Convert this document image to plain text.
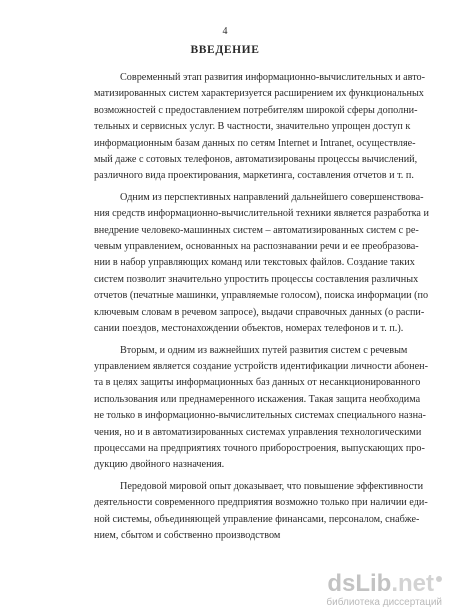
4
ВВЕДЕНИЕ

Современный этап развития информационно-вычислительных и авто-
матизированных систем характеризуется расширением их функциональных
возможностей с предоставлением потребителям широкой сферы дополни-
тельных и сервисных услуг. В частности, значительно упрощен доступ к
информационным базам данных по сетям Internet и Intranet, осуществляе-
мый даже с сотовых телефонов, автоматизированы процессы вычислений,
различного вида проектирования, маркетинга, составления отчетов и т. п.

Одним из перспективных направлений дальнейшего совершенствова-
ния средств информационно-вычислительной техники является разработка и
внедрение человеко-машинных систем – автоматизированных систем с ре-
чевым управлением, основанных на распознавании речи и ее преобразова-
нии в набор управляющих команд или текстовых файлов. Создание таких
систем позволит значительно упростить процессы составления различных
отчетов (печатные машинки, управляемые голосом), поиска информации (по
ключевым словам в речевом запросе), выдачи справочных данных (о распи-
сании поездов, местонахождении объектов, номерах телефонов и т. п.).

Вторым, и одним из важнейших путей развития систем с речевым
управлением является создание устройств идентификации личности абонен-
та в целях защиты информационных баз данных от несанкционированного
использования или преднамеренного искажения. Такая защита необходима
не только в информационно-вычислительных системах специального назна-
чения, но и в автоматизированных системах управления технологическими
процессами на предприятиях точного приборостроения, выпускающих про-
дукцию двойного назначения.

Передовой мировой опыт доказывает, что повышение эффективности
деятельности современного предприятия возможно только при наличии еди-
ной системы, объединяющей управление финансами, персоналом, снабже-
нием, сбытом и собственно производством

dsLib.net
библиотека диссертаций
